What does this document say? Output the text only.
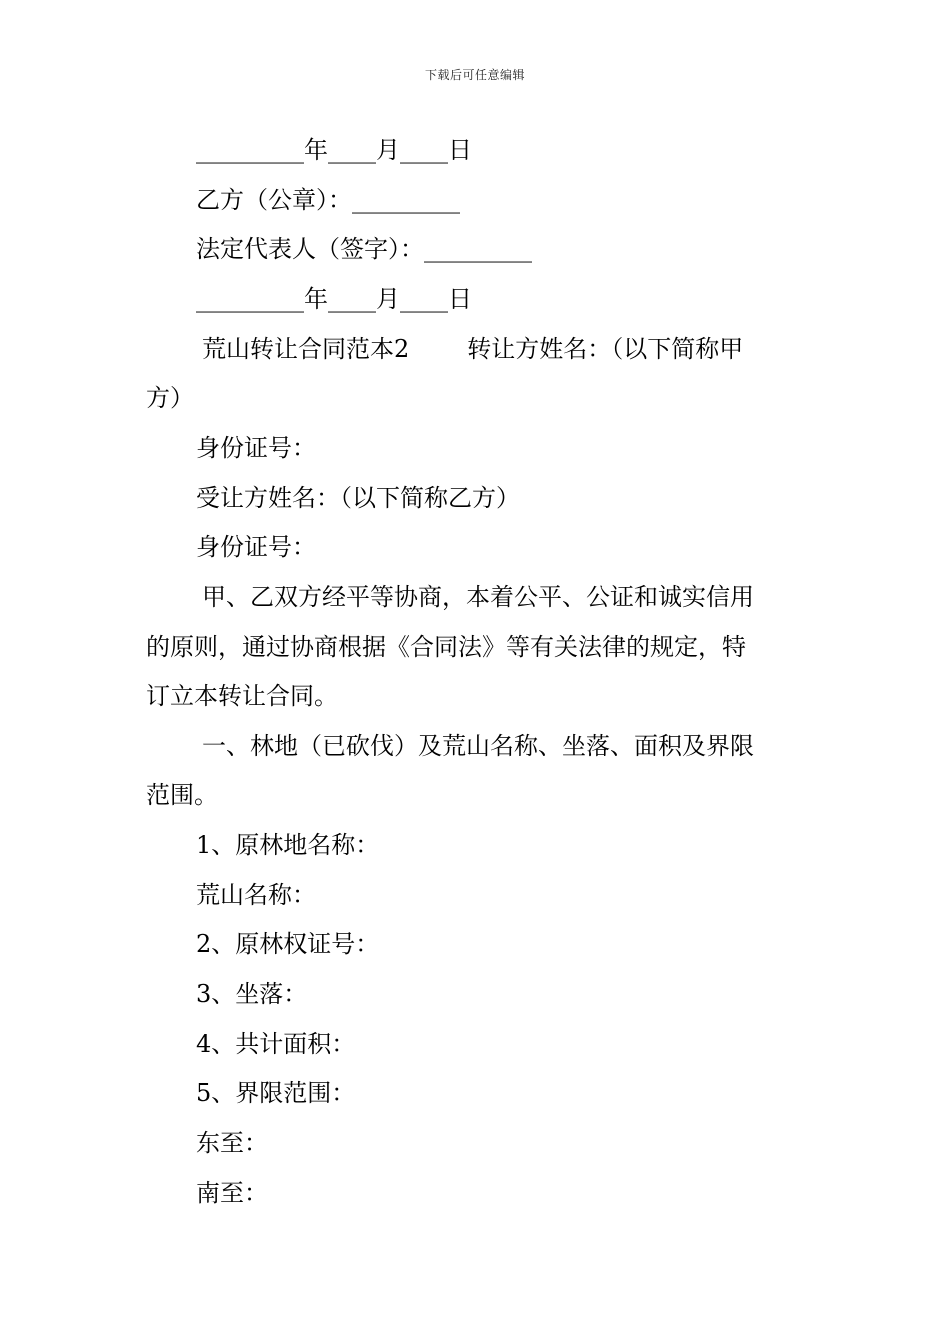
下载后可任意编辑
_________年____月____日
乙方（公章）：_________
法定代表人（签字）：_________
_________年____月____日
荒山转让合同范本2 转让方姓名：（以下简称甲
方）
身份证号：
受让方姓名：（以下简称乙方）
身份证号：
甲、乙双方经平等协商，本着公平、公证和诚实信用
的原则，通过协商根据《合同法》等有关法律的规定，特
订立本转让合同。
一、林地（已砍伐）及荒山名称、坐落、面积及界限
范围。
1、原林地名称：
荒山名称：
2、原林权证号：
3、坐落：
4、共计面积：
5、界限范围：
东至：
南至：
